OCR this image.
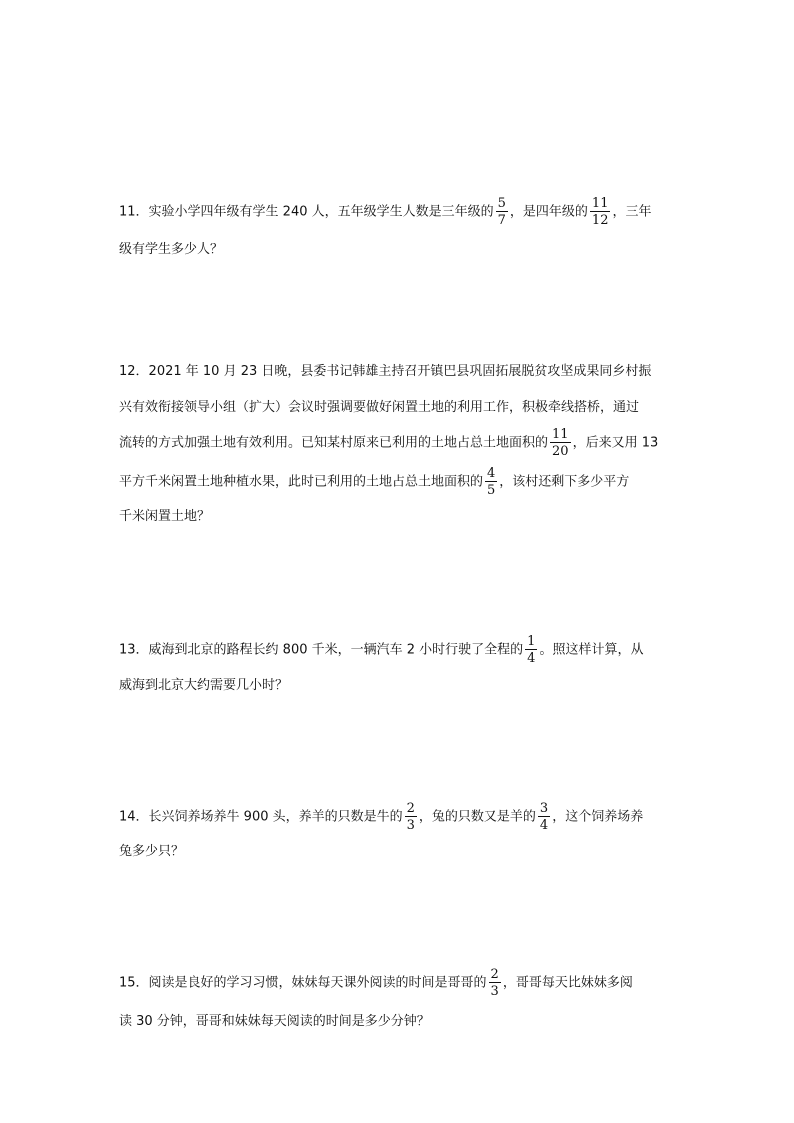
11．实验小学四年级有学生 240 人，五年级学生人数是三年级的 $\frac{5}{7}$ ，是四年级的 $\frac{11}{12}$ ，三年
级有学生多少人？
12．2021 年 10 月 23 日晚，县委书记韩雄主持召开镇巴县巩固拓展脱贫攻坚成果同乡村振
兴有效衔接领导小组（扩大）会议时强调要做好闲置土地的利用工作，积极牵线搭桥，通过
流转的方式加强土地有效利用。已知某村原来已利用的土地占总土地面积的 $\frac{11}{20}$ ，后来又用 13
平方千米闲置土地种植水果，此时已利用的土地占总土地面积的 $\frac{4}{5}$ ，该村还剩下多少平方
千米闲置土地？
13．威海到北京的路程长约 800 千米，一辆汽车 2 小时行驶了全程的 $\frac{1}{4}$ 。照这样计算，从
威海到北京大约需要几小时？
14．长兴饲养场养牛 900 头，养羊的只数是牛的 $\frac{2}{3}$ ，兔的只数又是羊的 $\frac{3}{4}$ ，这个饲养场养
兔多少只？
15．阅读是良好的学习习惯，妹妹每天课外阅读的时间是哥哥的 $\frac{2}{3}$ ，哥哥每天比妹妹多阅
读 30 分钟，哥哥和妹妹每天阅读的时间是多少分钟？
